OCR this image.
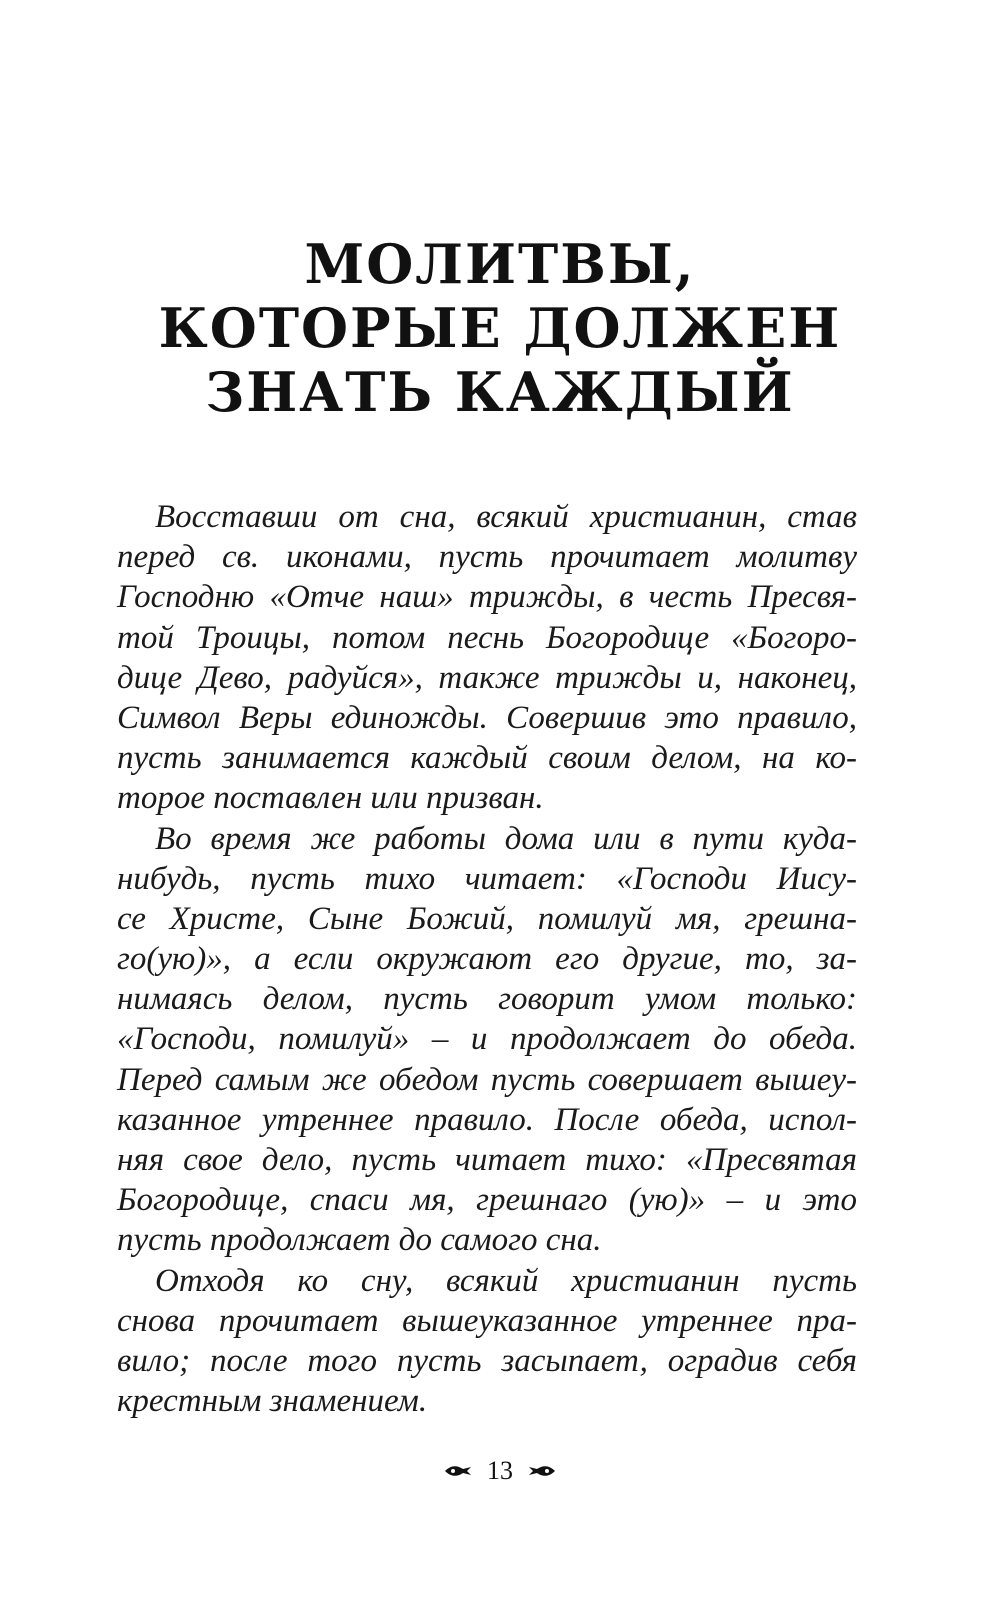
МОЛИТВЫ,
КОТОРЫЕ ДОЛЖЕН
ЗНАТЬ КАЖДЫЙ
Восставши от сна, всякий христианин, став
перед св. иконами, пусть прочитает молитву
Господню «Отче наш» трижды, в честь Пресвя-
той Троицы, потом песнь Богородице «Богоро-
дице Дево, радуйся», также трижды и, наконец,
Символ Веры единожды. Совершив это правило,
пусть занимается каждый своим делом, на ко-
торое поставлен или призван.
Во время же работы дома или в пути куда-
нибудь, пусть тихо читает: «Господи Иису-
се Христе, Сыне Божий, помилуй мя, грешна-
го(ую)», а если окружают его другие, то, за-
нимаясь делом, пусть говорит умом только:
«Господи, помилуй» – и продолжает до обеда.
Перед самым же обедом пусть совершает вышеу-
казанное утреннее правило. После обеда, испол-
няя свое дело, пусть читает тихо: «Пресвятая
Богородице, спаси мя, грешнаго (ую)» – и это
пусть продолжает до самого сна.
Отходя ко сну, всякий христианин пусть
снова прочитает вышеуказанное утреннее пра-
вило; после того пусть засыпает, оградив себя
крестным знамением.
13
